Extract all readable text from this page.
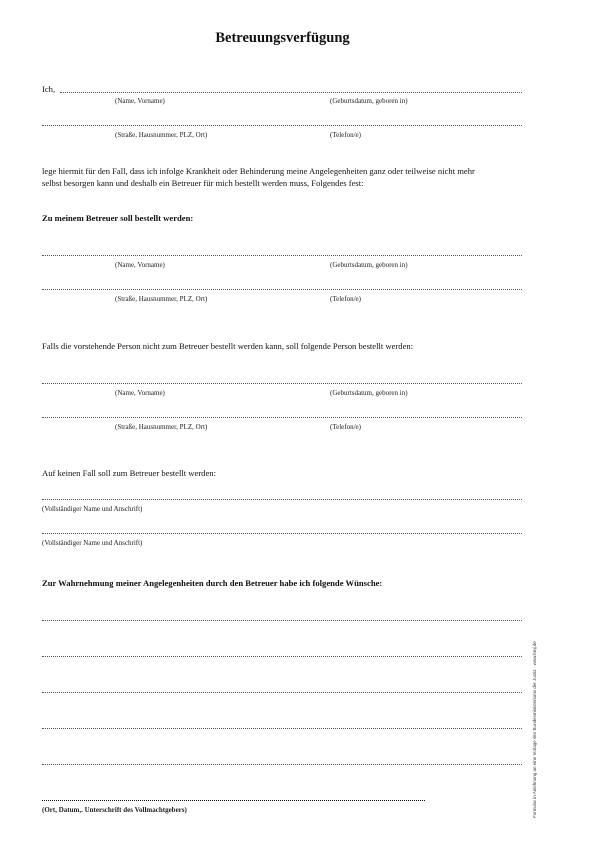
Betreuungsverfügung
Ich,
(Name, Vorname)	(Geburtsdatum, geboren in)
(Straße, Hausnummer, PLZ, Ort)	(Telefon/e)
lege hiermit für den Fall, dass ich infolge Krankheit oder Behinderung meine Angelegenheiten ganz oder teilweise nicht mehr
selbst besorgen kann und deshalb ein Betreuer für mich bestellt werden muss, Folgendes fest:
Zu meinem Betreuer soll bestellt werden:
(Name, Vorname)	(Geburtsdatum, geboren in)
(Straße, Hausnummer, PLZ, Ort)	(Telefon/e)
Falls die vorstehende Person nicht zum Betreuer bestellt werden kann, soll folgende Person bestellt werden:
(Name, Vorname)	(Geburtsdatum, geboren in)
(Straße, Hausnummer, PLZ, Ort)	(Telefon/e)
Auf keinen Fall soll zum Betreuer bestellt werden:
(Vollständiger Name und Anschrift)
(Vollständiger Name und Anschrift)
Zur Wahrnehmung meiner Angelegenheiten durch den Betreuer habe ich folgende Wünsche:
(Ort, Datum,. Unterschrift des Vollmachtgebers)	Formular in Anlehnung an eine Vorlage des Bundesministeriums der Justiz · www.bmj.de
